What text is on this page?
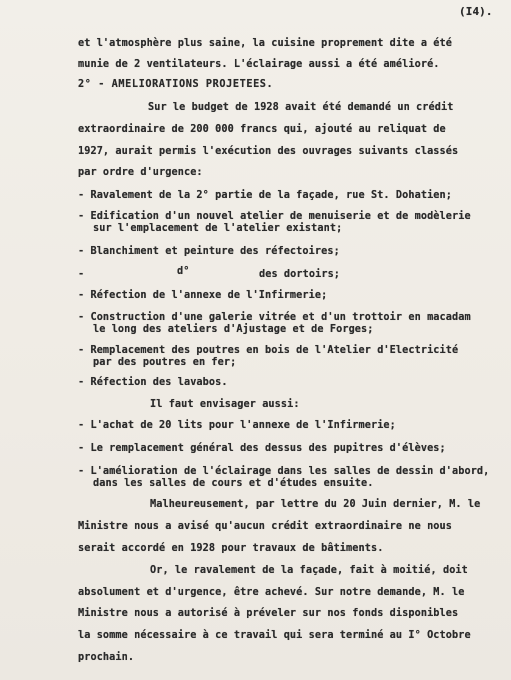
(I4).
et l'atmosphère plus saine, la cuisine proprement dite a été
munie de 2 ventilateurs. L'éclairage aussi a été amélioré.
2° - AMELIORATIONS PROJETEES.
Sur le budget de 1928 avait été demandé un crédit
extraordinaire de 200 000 francs qui, ajouté au reliquat de
1927, aurait permis l'exécution des ouvrages suivants classés
par ordre d'urgence:
- Ravalement de la 2° partie de la façade, rue St. Dohatien;
- Edification d'un nouvel atelier de menuiserie et de modèlerie
sur l'emplacement de l'atelier existant;
- Blanchiment et peinture des réfectoires;
-	d°	des dortoirs;
- Réfection de l'annexe de l'Infirmerie;
- Construction d'une galerie vitrée et d'un trottoir en macadam
le long des ateliers d'Ajustage et de Forges;
- Remplacement des poutres en bois de l'Atelier d'Electricité
par des poutres en fer;
- Réfection des lavabos.
Il faut envisager aussi:
- L'achat de 20 lits pour l'annexe de l'Infirmerie;
- Le remplacement général des dessus des pupitres d'élèves;
- L'amélioration de l'éclairage dans les salles de dessin d'abord,
dans les salles de cours et d'études ensuite.
Malheureusement, par lettre du 20 Juin dernier, M. le
Ministre nous a avisé qu'aucun crédit extraordinaire ne nous
serait accordé en 1928 pour travaux de bâtiments.
Or, le ravalement de la façade, fait à moitié, doit
absolument et d'urgence, être achevé. Sur notre demande, M. le
Ministre nous a autorisé à préveler sur nos fonds disponibles
la somme nécessaire à ce travail qui sera terminé au I° Octobre
prochain.
